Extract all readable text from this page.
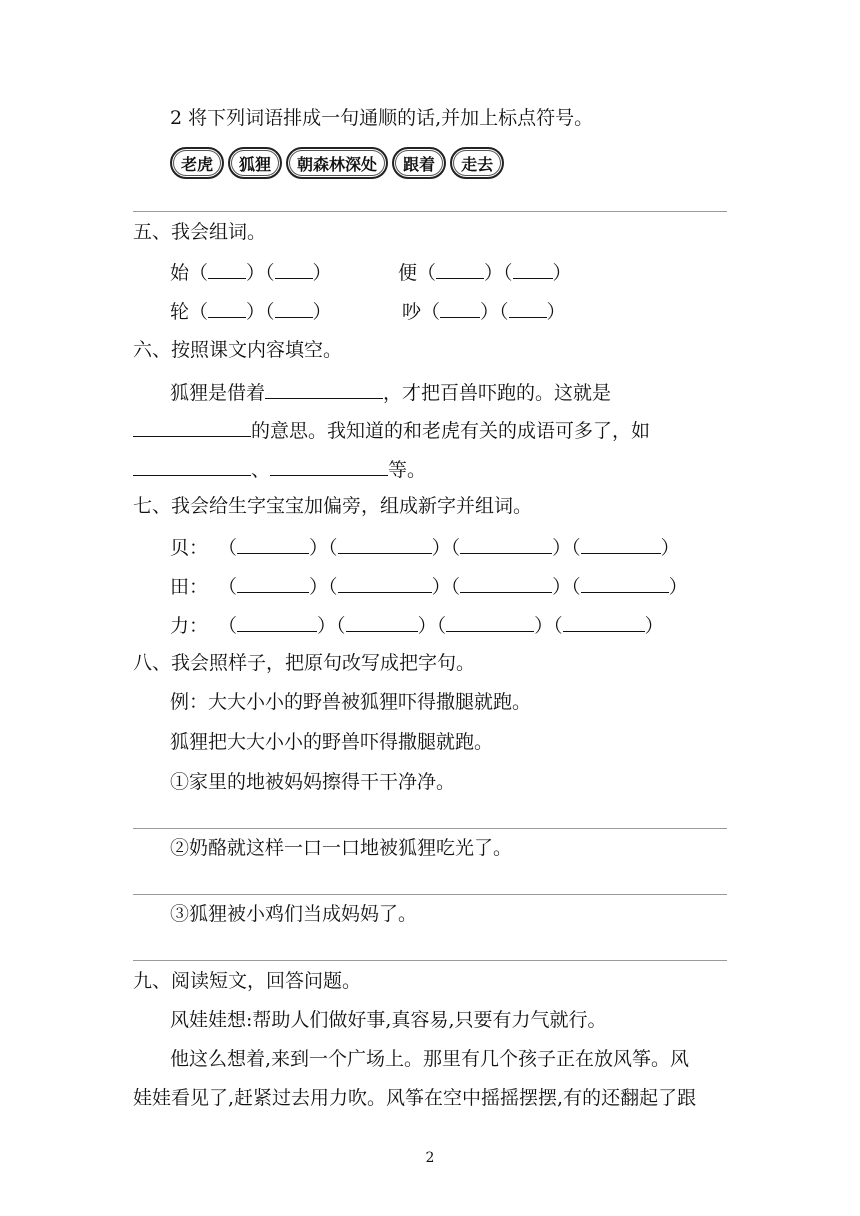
2 将下列词语排成一句通顺的话,并加上标点符号。
老虎	狐狸	朝森林深处	跟着	走去
五、我会组词。
始（ ）（ ）	便（	）（ ）
轮（ ）（ ）	吵（ ）（ ）
六、按照课文内容填空。
狐狸是借着	，才把百兽吓跑的。这就是
的意思。我知道的和老虎有关的成语可多了，如
、	等。
七、我会给生字宝宝加偏旁，组成新字并组词。
贝： （	）（	）（	）（	）
田： （	）（	）（	）（	）
力： （	）（	）（	）（	）
八、我会照样子，把原句改写成把字句。
例：大大小小的野兽被狐狸吓得撒腿就跑。
狐狸把大大小小的野兽吓得撒腿就跑。
①家里的地被妈妈擦得干干净净。
②奶酪就这样一口一口地被狐狸吃光了。
③狐狸被小鸡们当成妈妈了。
九、阅读短文，回答问题。
风娃娃想:帮助人们做好事,真容易,只要有力气就行。
他这么想着,来到一个广场上。那里有几个孩子正在放风筝。风
娃娃看见了,赶紧过去用力吹。风筝在空中摇摇摆摆,有的还翻起了跟
2
